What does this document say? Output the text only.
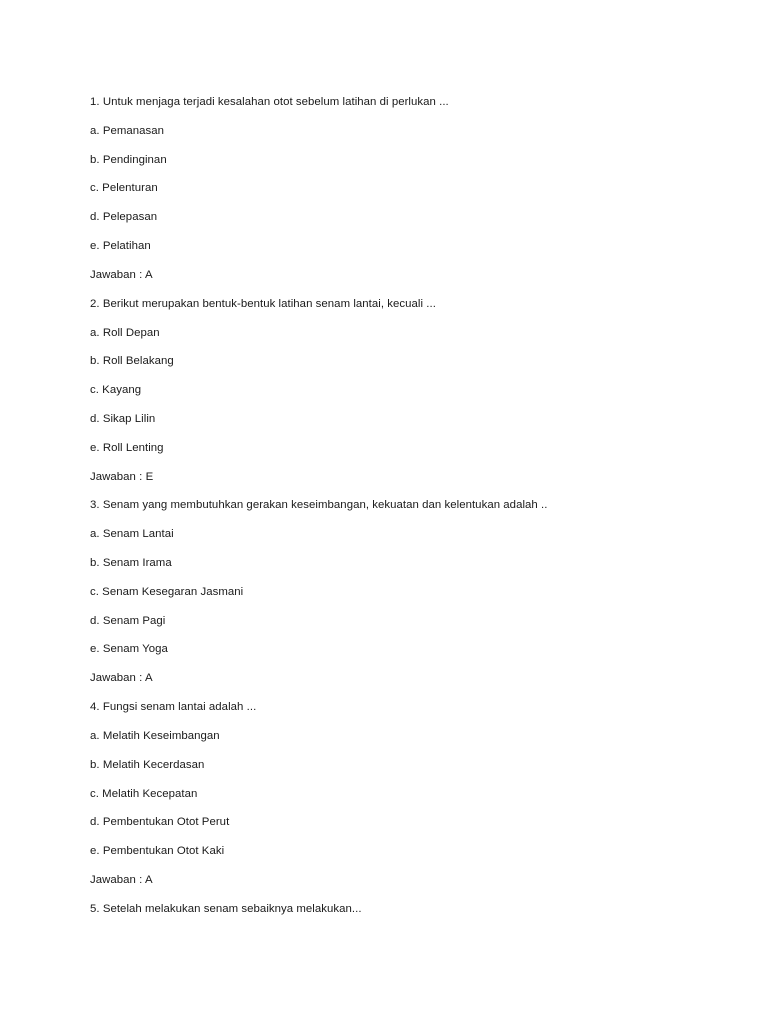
1. Untuk menjaga terjadi kesalahan otot sebelum latihan di perlukan ...
a. Pemanasan
b. Pendinginan
c. Pelenturan
d. Pelepasan
e. Pelatihan
Jawaban : A
2. Berikut merupakan bentuk-bentuk latihan senam lantai, kecuali ...
a. Roll Depan
b. Roll Belakang
c. Kayang
d. Sikap Lilin
e. Roll Lenting
Jawaban : E
3. Senam yang membutuhkan gerakan keseimbangan, kekuatan dan kelentukan adalah ..
a. Senam Lantai
b. Senam Irama
c. Senam Kesegaran Jasmani
d. Senam Pagi
e. Senam Yoga
Jawaban : A
4. Fungsi senam lantai adalah ...
a. Melatih Keseimbangan
b. Melatih Kecerdasan
c. Melatih Kecepatan
d. Pembentukan Otot Perut
e. Pembentukan Otot Kaki
Jawaban : A
5. Setelah melakukan senam sebaiknya melakukan...
